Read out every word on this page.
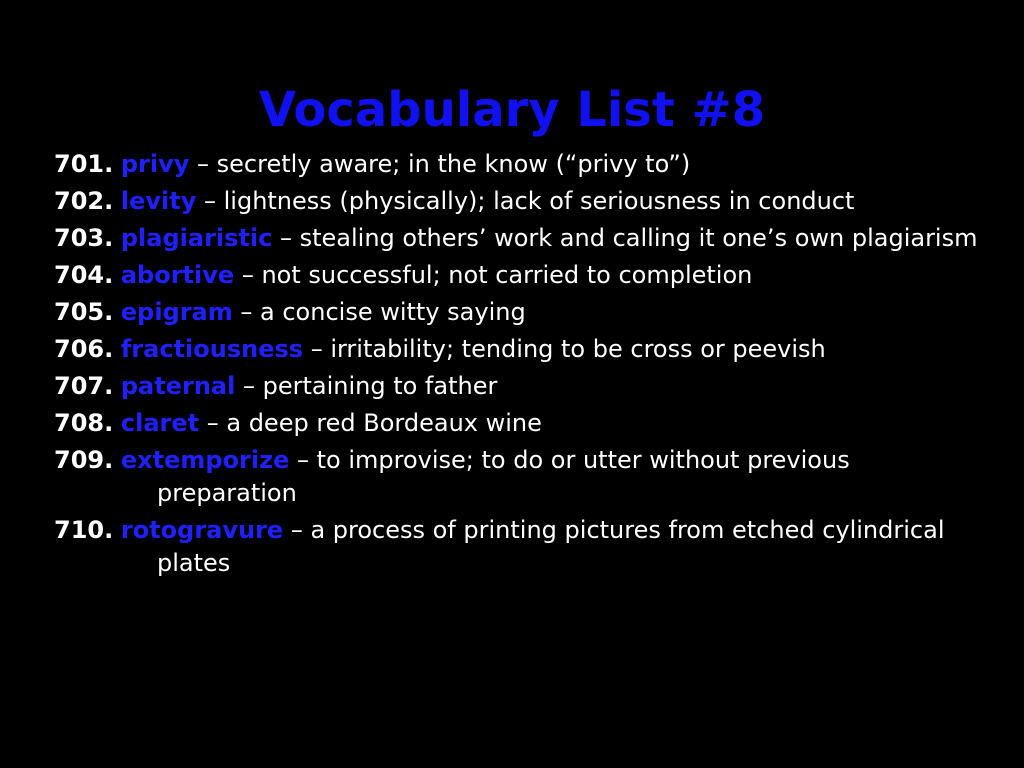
Vocabulary List #8
701. privy – secretly aware; in the know (“privy to”)
702. levity – lightness (physically); lack of seriousness in conduct
703. plagiaristic – stealing others’ work and calling it one’s own plagiarism
704. abortive – not successful; not carried to completion
705. epigram – a concise witty saying
706. fractiousness – irritability; tending to be cross or peevish
707. paternal – pertaining to father
708. claret – a deep red Bordeaux wine
709. extemporize – to improvise; to do or utter without previous preparation
710. rotogravure – a process of printing pictures from etched cylindrical plates
